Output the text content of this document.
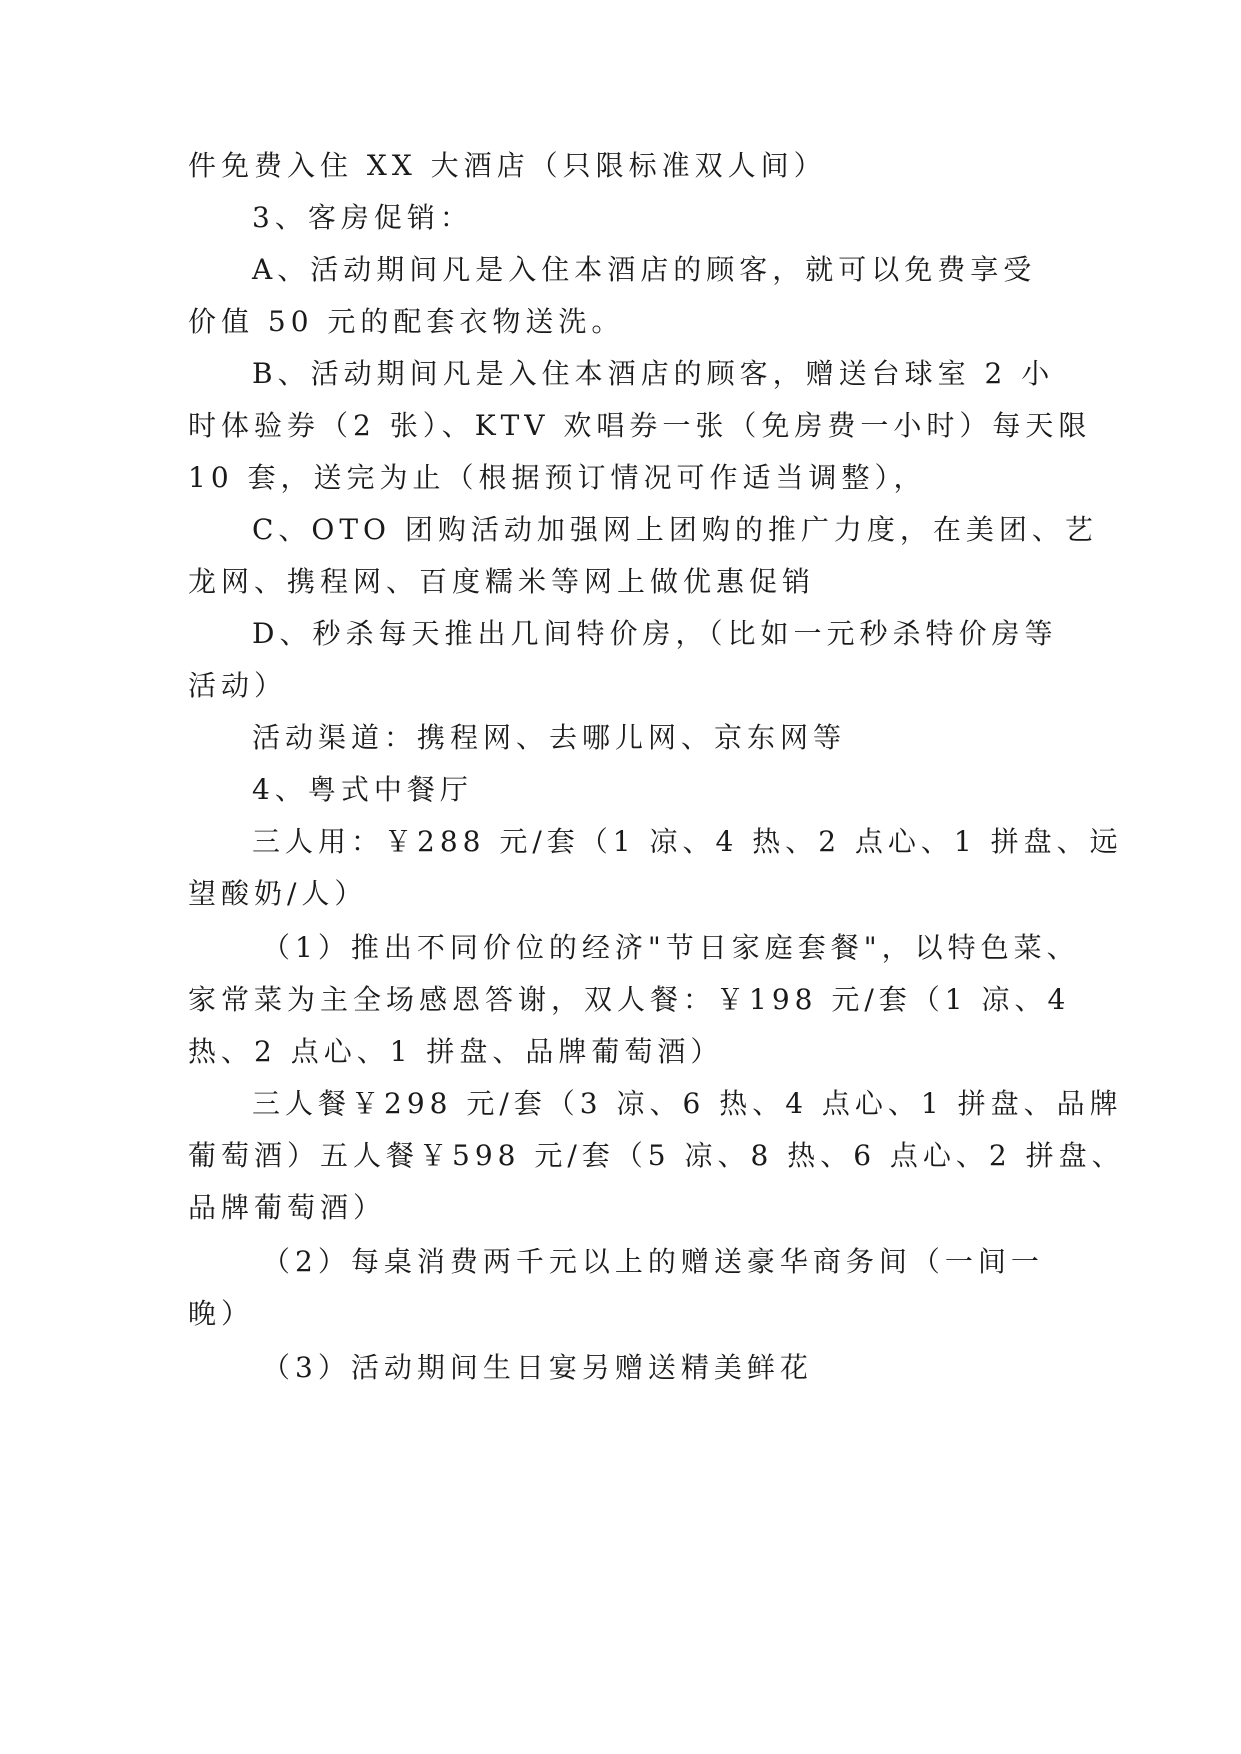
件免费入住 XX 大酒店（只限标准双人间）
3、客房促销：
A、活动期间凡是入住本酒店的顾客，就可以免费享受
价值 50 元的配套衣物送洗。
B、活动期间凡是入住本酒店的顾客，赠送台球室 2 小
时体验券（2 张）、KTV 欢唱券一张（免房费一小时）每天限
10 套，送完为止（根据预订情况可作适当调整），
C、OTO 团购活动加强网上团购的推广力度，在美团、艺
龙网、携程网、百度糯米等网上做优惠促销
D、秒杀每天推出几间特价房，（比如一元秒杀特价房等
活动）
活动渠道：携程网、去哪儿网、京东网等
4、粤式中餐厅
三人用：￥288 元/套（1 凉、4 热、2 点心、1 拼盘、远
望酸奶/人）
（1）推出不同价位的经济"节日家庭套餐"，以特色菜、
家常菜为主全场感恩答谢，双人餐：￥198 元/套（1 凉、4
热、2 点心、1 拼盘、品牌葡萄酒）
三人餐￥298 元/套（3 凉、6 热、4 点心、1 拼盘、品牌
葡萄酒）五人餐￥598 元/套（5 凉、8 热、6 点心、2 拼盘、
品牌葡萄酒）
（2）每桌消费两千元以上的赠送豪华商务间（一间一
晚）
（3）活动期间生日宴另赠送精美鲜花
